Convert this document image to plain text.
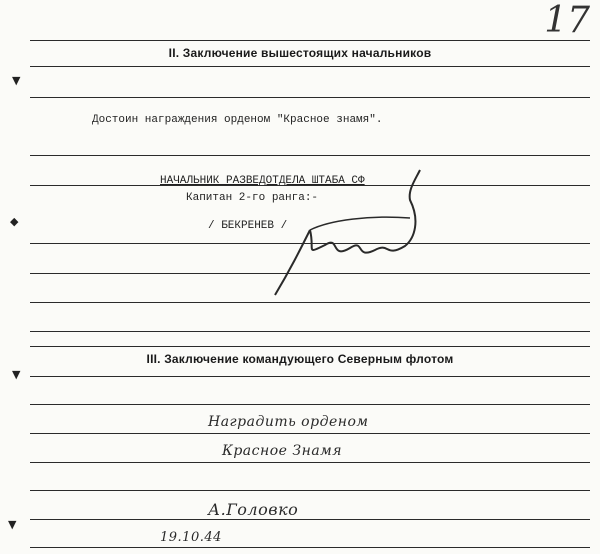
17
▼
◆
▼
▼
II. Заключение вышестоящих начальников
Достоин награждения орденом "Красное знамя".
НАЧАЛЬНИК РАЗВЕДОТДЕЛА ШТАБА СФ
Капитан 2-го ранга:-
/ БЕКРЕНЕВ /
III. Заключение командующего Северным флотом
Наградить орденом
Красное Знамя
А.Головко
19.10.44
